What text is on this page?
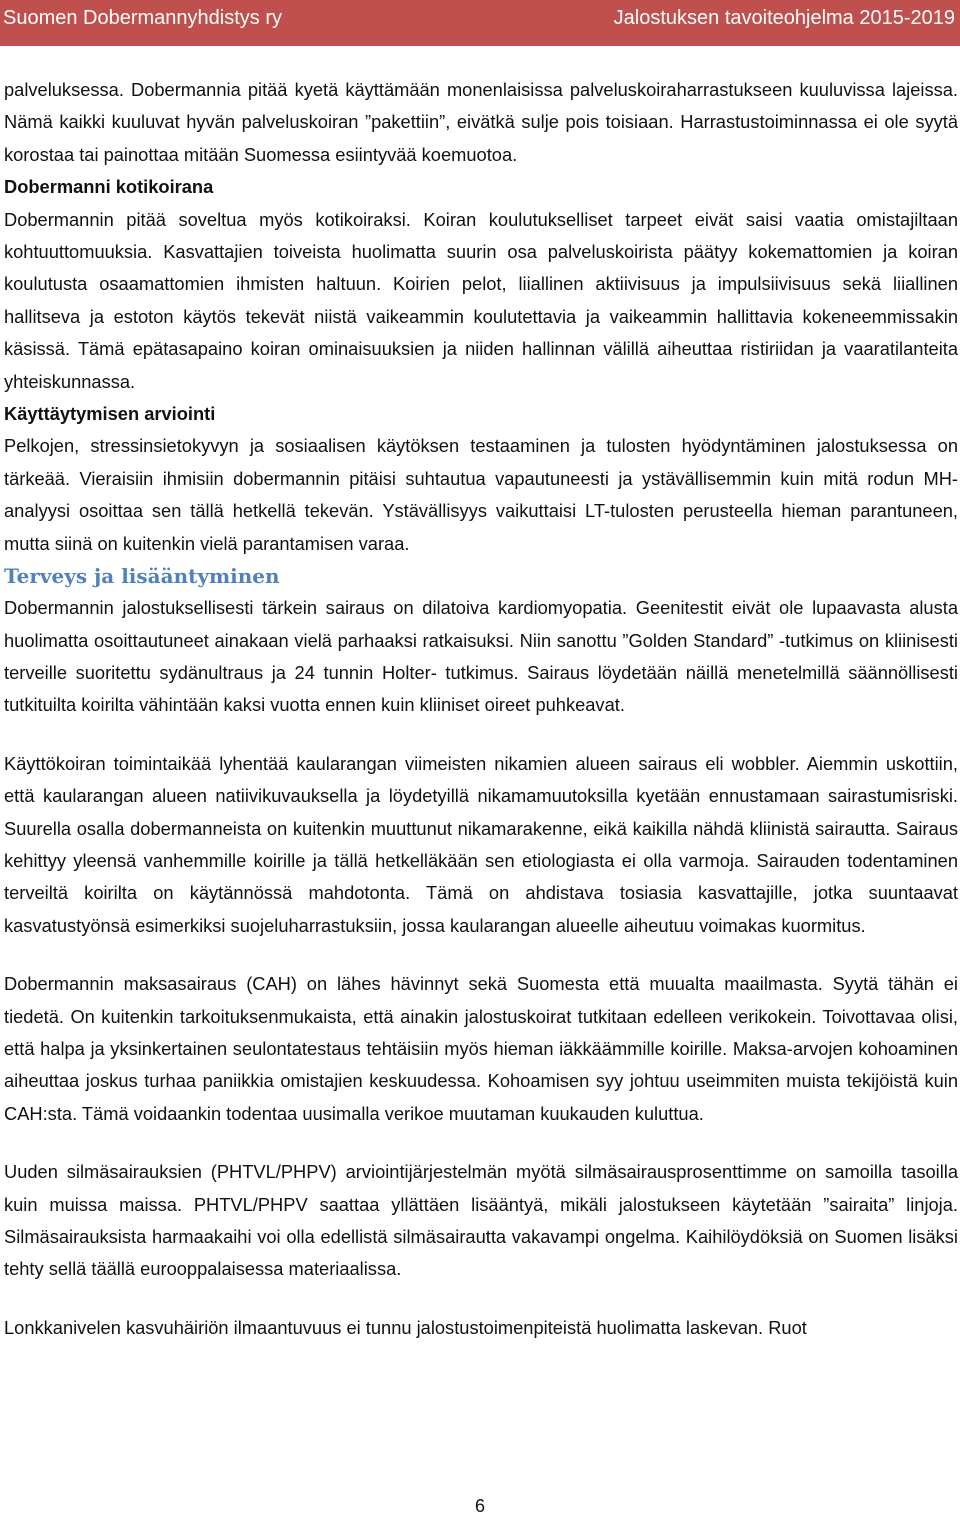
Suomen Dobermannyhdistys ry	Jalostuksen tavoiteohjelma 2015-2019

palveluksessa. Dobermannia pitää kyetä käyttämään monenlaisissa palveluskoiraharrastukseen kuuluvissa lajeissa. Nämä kaikki kuuluvat hyvän palveluskoiran ”pakettiin”, eivätkä sulje pois toisiaan. Harrastustoiminnassa ei ole syytä korostaa tai painottaa mitään Suomessa esiintyvää koemuotoa.

Dobermanni kotikoirana

Dobermannin pitää soveltua myös kotikoiraksi. Koiran koulutukselliset tarpeet eivät saisi vaatia omistajiltaan kohtuuttomuuksia. Kasvattajien toiveista huolimatta suurin osa palveluskoirista päätyy kokemattomien ja koiran koulutusta osaamattomien ihmisten haltuun. Koirien pelot, liiallinen aktiivisuus ja impulsiivisuus sekä liiallinen hallitseva ja estoton käytös tekevät niistä vaikeammin koulutettavia ja vaikeammin hallittavia kokeneemmissakin käsissä. Tämä epätasapaino koiran ominaisuuksien ja niiden hallinnan välillä aiheuttaa ristiriidan ja vaaratilanteita yhteiskunnassa.

Käyttäytymisen arviointi

Pelkojen, stressinsietokyvyn ja sosiaalisen käytöksen testaaminen ja tulosten hyödyntäminen jalostuksessa on tärkeää. Vieraisiin ihmisiin dobermannin pitäisi suhtautua vapautuneesti ja ystävällisemmin kuin mitä rodun MH-analyysi osoittaa sen tällä hetkellä tekevän. Ystävällisyys vaikuttaisi LT-tulosten perusteella hieman parantuneen, mutta siinä on kuitenkin vielä parantamisen varaa.

Terveys ja lisääntyminen

Dobermannin jalostuksellisesti tärkein sairaus on dilatoiva kardiomyopatia. Geenitestit eivät ole lupaavasta alusta huolimatta osoittautuneet ainakaan vielä parhaaksi ratkaisuksi. Niin sanottu ”Golden Standard” -tutkimus on kliinisesti terveille suoritettu sydänultraus ja 24 tunnin Holter- tutkimus. Sairaus löydetään näillä menetelmillä säännöllisesti tutkituilta koirilta vähintään kaksi vuotta ennen kuin kliiniset oireet puhkeavat.

Käyttökoiran toimintaikää lyhentää kaularangan viimeisten nikamien alueen sairaus eli wobbler. Aiemmin uskottiin, että kaularangan alueen natiivikuvauksella ja löydetyillä nikamamuutoksilla kyetään ennustamaan sairastumisriski. Suurella osalla dobermanneista on kuitenkin muuttunut nikamarakenne, eikä kaikilla nähdä kliinistä sairautta. Sairaus kehittyy yleensä vanhemmille koirille ja tällä hetkelläkään sen etiologiasta ei olla varmoja. Sairauden todentaminen terveiltä koirilta on käytännössä mahdotonta. Tämä on ahdistava tosiasia kasvattajille, jotka suuntaavat kasvatustyönsä esimerkiksi suojeluharrastuksiin, jossa kaularangan alueelle aiheutuu voimakas kuormitus.

Dobermannin maksasairaus (CAH) on lähes hävinnyt sekä Suomesta että muualta maailmasta. Syytä tähän ei tiedetä. On kuitenkin tarkoituksenmukaista, että ainakin jalostuskoirat tutkitaan edelleen verikokein. Toivottavaa olisi, että halpa ja yksinkertainen seulontatestaus tehtäisiin myös hieman iäkkäämmille koirille. Maksa-arvojen kohoaminen aiheuttaa joskus turhaa paniikkia omistajien keskuudessa. Kohoamisen syy johtuu useimmiten muista tekijöistä kuin CAH:sta. Tämä voidaankin todentaa uusimalla verikoe muutaman kuukauden kuluttua.

Uuden silmäsairauksien (PHTVL/PHPV) arviointijärjestelmän myötä silmäsairausprosenttimme on samoilla tasoilla kuin muissa maissa. PHTVL/PHPV saattaa yllättäen lisääntyä, mikäli jalostukseen käytetään ”sairaita” linjoja. Silmäsairauksista harmaakaihi voi olla edellistä silmäsairautta vakavampi ongelma. Kaihilöydöksiä on Suomen lisäksi tehty sellä täällä eurooppalaisessa materiaalissa.

Lonkkanivelen kasvuhäiriön ilmaantuvuus ei tunnu jalostustoimenpiteistä huolimatta laskevan. Ruot

6
